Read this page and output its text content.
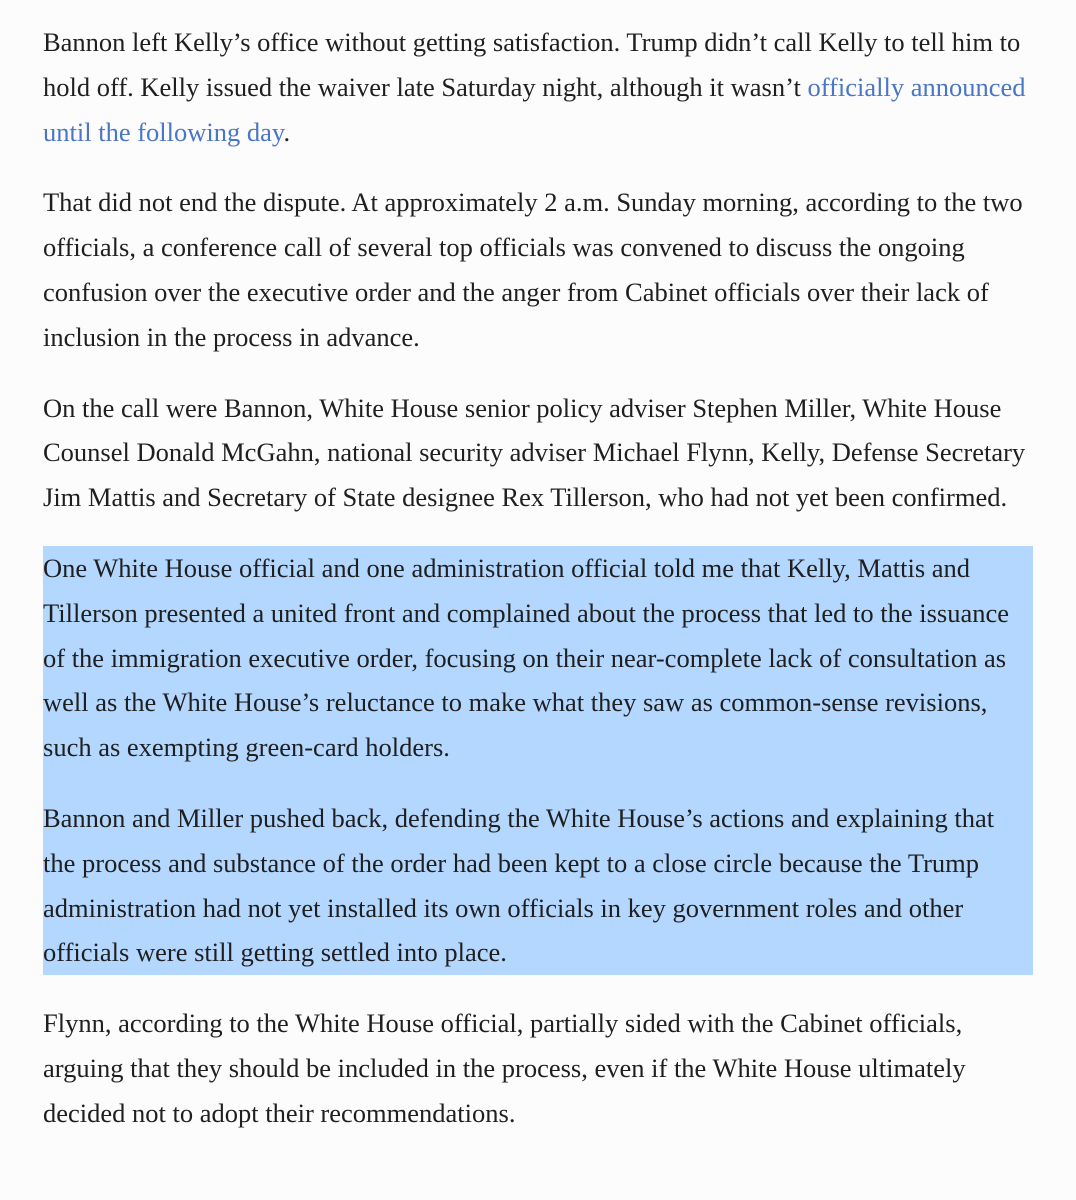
Bannon left Kelly’s office without getting satisfaction. Trump didn’t call Kelly to tell him to hold off. Kelly issued the waiver late Saturday night, although it wasn’t officially announced until the following day.

That did not end the dispute. At approximately 2 a.m. Sunday morning, according to the two officials, a conference call of several top officials was convened to discuss the ongoing confusion over the executive order and the anger from Cabinet officials over their lack of inclusion in the process in advance.

On the call were Bannon, White House senior policy adviser Stephen Miller, White House Counsel Donald McGahn, national security adviser Michael Flynn, Kelly, Defense Secretary Jim Mattis and Secretary of State designee Rex Tillerson, who had not yet been confirmed.

One White House official and one administration official told me that Kelly, Mattis and Tillerson presented a united front and complained about the process that led to the issuance of the immigration executive order, focusing on their near-complete lack of consultation as well as the White House’s reluctance to make what they saw as common-sense revisions, such as exempting green-card holders.

Bannon and Miller pushed back, defending the White House’s actions and explaining that the process and substance of the order had been kept to a close circle because the Trump administration had not yet installed its own officials in key government roles and other officials were still getting settled into place.

Flynn, according to the White House official, partially sided with the Cabinet officials, arguing that they should be included in the process, even if the White House ultimately decided not to adopt their recommendations.
